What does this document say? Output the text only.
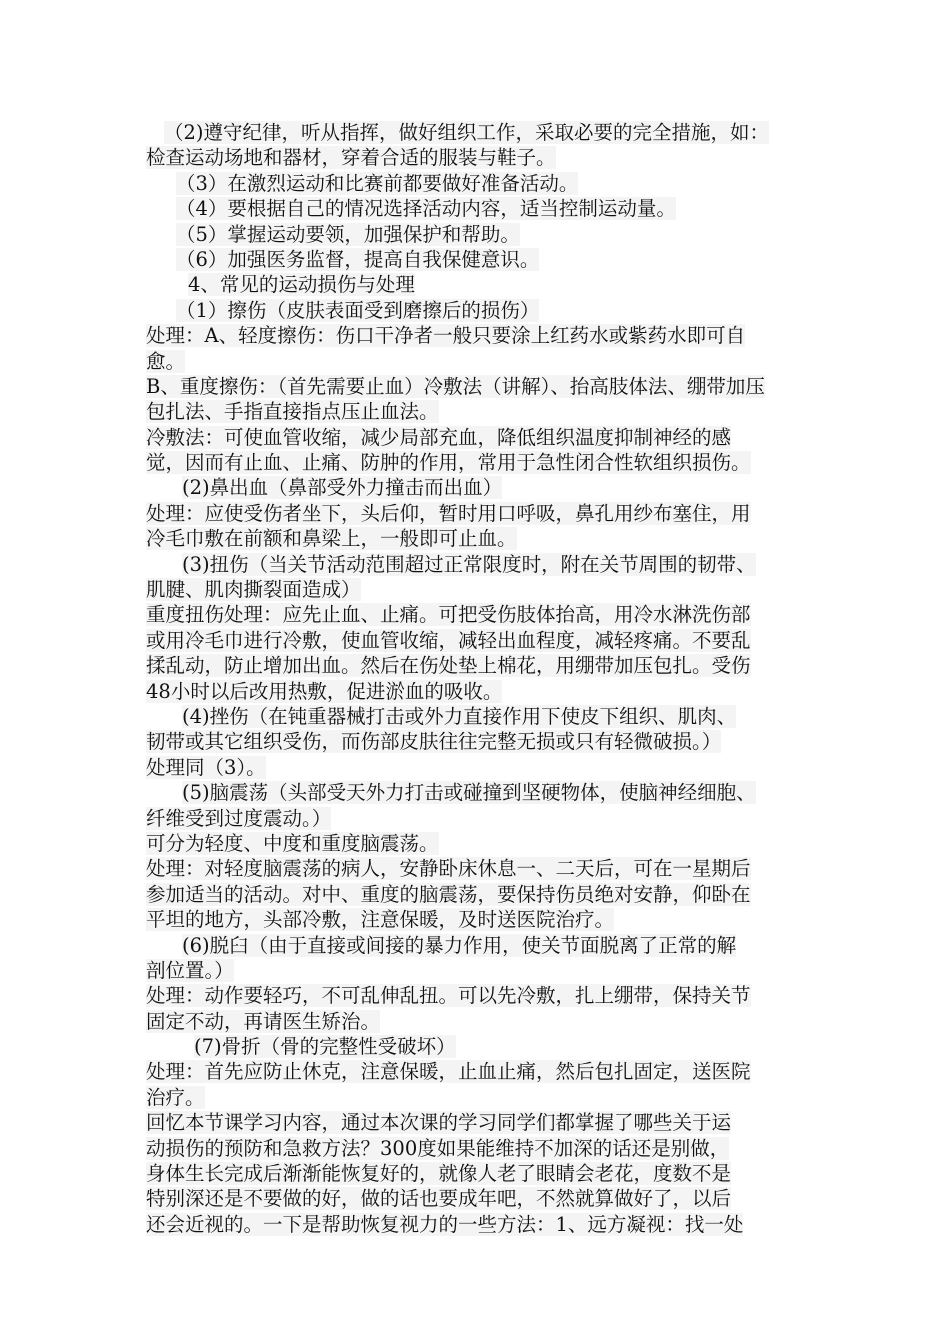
（2)遵守纪律，听从指挥，做好组织工作，采取必要的完全措施，如：
检查运动场地和器材，穿着合适的服装与鞋子。
（3）在激烈运动和比赛前都要做好准备活动。
（4）要根据自己的情况选择活动内容，适当控制运动量。
（5）掌握运动要领，加强保护和帮助。
（6）加强医务监督，提高自我保健意识。
4、常见的运动损伤与处理
（1）擦伤（皮肤表面受到磨擦后的损伤）
处理：A、轻度擦伤：伤口干净者一般只要涂上红药水或紫药水即可自
愈。
B、重度擦伤：（首先需要止血）冷敷法（讲解）、抬高肢体法、绷带加压
包扎法、手指直接指点压止血法。
冷敷法：可使血管收缩，减少局部充血，降低组织温度抑制神经的感
觉，因而有止血、止痛、防肿的作用，常用于急性闭合性软组织损伤。
(2)鼻出血（鼻部受外力撞击而出血）
处理：应使受伤者坐下，头后仰，暂时用口呼吸，鼻孔用纱布塞住，用
冷毛巾敷在前额和鼻梁上，一般即可止血。
(3)扭伤（当关节活动范围超过正常限度时，附在关节周围的韧带、
肌腱、肌肉撕裂面造成）
重度扭伤处理：应先止血、止痛。可把受伤肢体抬高，用冷水淋洗伤部
或用冷毛巾进行冷敷，使血管收缩，减轻出血程度，减轻疼痛。不要乱
揉乱动，防止增加出血。然后在伤处垫上棉花，用绷带加压包扎。受伤
48小时以后改用热敷，促进淤血的吸收。
(4)挫伤（在钝重器械打击或外力直接作用下使皮下组织、肌肉、
韧带或其它组织受伤，而伤部皮肤往往完整无损或只有轻微破损。）
处理同（3）。
(5)脑震荡（头部受天外力打击或碰撞到坚硬物体，使脑神经细胞、
纤维受到过度震动。）
可分为轻度、中度和重度脑震荡。
处理：对轻度脑震荡的病人，安静卧床休息一、二天后，可在一星期后
参加适当的活动。对中、重度的脑震荡，要保持伤员绝对安静，仰卧在
平坦的地方，头部冷敷，注意保暖，及时送医院治疗。
(6)脱臼（由于直接或间接的暴力作用，使关节面脱离了正常的解
剖位置。）
处理：动作要轻巧，不可乱伸乱扭。可以先冷敷，扎上绷带，保持关节
固定不动，再请医生矫治。
(7)骨折（骨的完整性受破坏）
处理：首先应防止休克，注意保暖，止血止痛，然后包扎固定，送医院
治疗。
回忆本节课学习内容，通过本次课的学习同学们都掌握了哪些关于运
动损伤的预防和急救方法？300度如果能维持不加深的话还是别做，
身体生长完成后渐渐能恢复好的，就像人老了眼睛会老花，度数不是
特别深还是不要做的好，做的话也要成年吧，不然就算做好了，以后
还会近视的。一下是帮助恢复视力的一些方法：1、远方凝视：找一处
